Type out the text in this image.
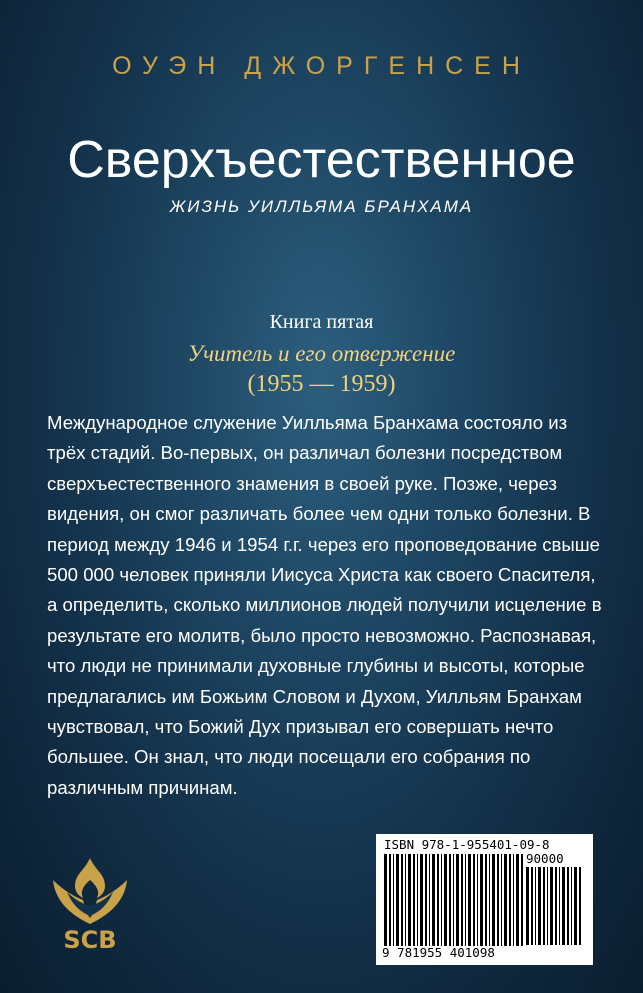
ОУЭН ДЖОРГЕНСЕН
Сверхъестественное
ЖИЗНЬ УИЛЛЬЯМА БРАНХАМА
Книга пятая
Учитель и его отвержение
(1955 — 1959)
Международное служение Уилльяма Бранхама состояло из трёх стадий. Во-первых, он различал болезни посредством сверхъестественного знамения в своей руке. Позже, через видения, он смог различать более чем одни только болезни. В период между 1946 и 1954 г.г. через его проповедование свыше 500 000 человек приняли Иисуса Христа как своего Спасителя, а определить, сколько миллионов людей получили исцеление в результате его молитв, было просто невозможно. Распознавая, что люди не принимали духовные глубины и высоты, которые предлагались им Божьим Словом и Духом, Уилльям Бранхам чувствовал, что Божий Дух призывал его совершать нечто большее. Он знал, что люди посещали его собрания по различным причинам.
SCB
ISBN 978-1-955401-09-8
90000
9 781955 401098
